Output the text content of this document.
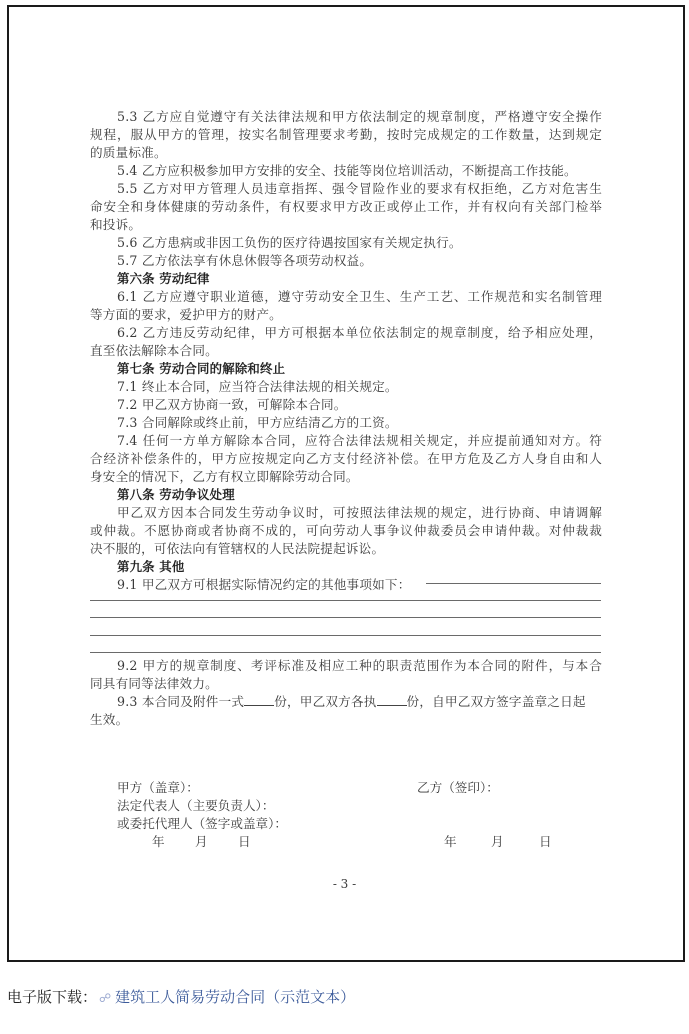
5.3 乙方应自觉遵守有关法律法规和甲方依法制定的规章制度，严格遵守安全操作
规程，服从甲方的管理，按实名制管理要求考勤，按时完成规定的工作数量，达到规定
的质量标准。
5.4 乙方应积极参加甲方安排的安全、技能等岗位培训活动，不断提高工作技能。
5.5 乙方对甲方管理人员违章指挥、强令冒险作业的要求有权拒绝，乙方对危害生
命安全和身体健康的劳动条件，有权要求甲方改正或停止工作，并有权向有关部门检举
和投诉。
5.6 乙方患病或非因工负伤的医疗待遇按国家有关规定执行。
5.7 乙方依法享有休息休假等各项劳动权益。
第六条 劳动纪律
6.1 乙方应遵守职业道德，遵守劳动安全卫生、生产工艺、工作规范和实名制管理
等方面的要求，爱护甲方的财产。
6.2 乙方违反劳动纪律，甲方可根据本单位依法制定的规章制度，给予相应处理，
直至依法解除本合同。
第七条 劳动合同的解除和终止
7.1 终止本合同，应当符合法律法规的相关规定。
7.2 甲乙双方协商一致，可解除本合同。
7.3 合同解除或终止前，甲方应结清乙方的工资。
7.4 任何一方单方解除本合同，应符合法律法规相关规定，并应提前通知对方。符
合经济补偿条件的，甲方应按规定向乙方支付经济补偿。在甲方危及乙方人身自由和人
身安全的情况下，乙方有权立即解除劳动合同。
第八条 劳动争议处理
甲乙双方因本合同发生劳动争议时，可按照法律法规的规定，进行协商、申请调解
或仲裁。不愿协商或者协商不成的，可向劳动人事争议仲裁委员会申请仲裁。对仲裁裁
决不服的，可依法向有管辖权的人民法院提起诉讼。
第九条 其他
9.1 甲乙双方可根据实际情况约定的其他事项如下：
9.2 甲方的规章制度、考评标准及相应工种的职责范围作为本合同的附件，与本合
同具有同等法律效力。
9.3 本合同及附件一式 份，甲乙双方各执 份，自甲乙双方签字盖章之日起
生效。
甲方（盖章）：	乙方（签印）：
法定代表人（主要负责人）：
或委托代理人（签字或盖章）：
年 月 日	年	月	日
- 3 -
电子版下载： ☍ 建筑工人简易劳动合同（示范文本）
